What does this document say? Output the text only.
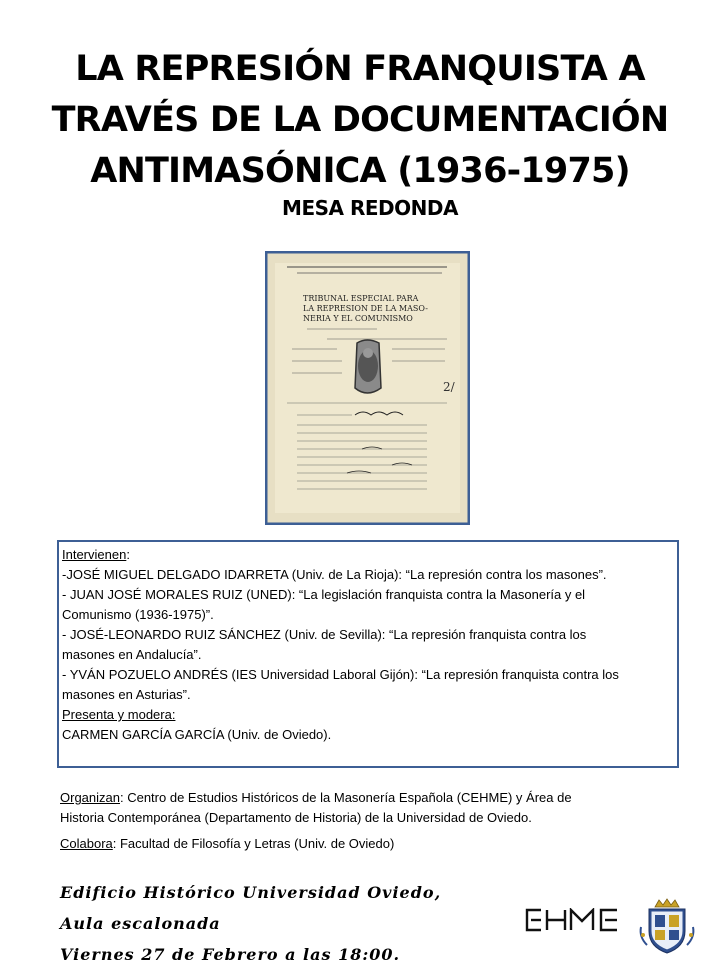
LA REPRESIÓN FRANQUISTA A
TRAVÉS DE LA DOCUMENTACIÓN
ANTIMASÓNICA (1936-1975)
MESA REDONDA
TRIBUNAL ESPECIAL PARA
LA REPRESION DE LA MASO-
NERIA Y EL COMUNISMO
2/

Intervienen:

-JOSÉ MIGUEL DELGADO IDARRETA (Univ. de La Rioja): “La represión contra los masones”.

- JUAN JOSÉ MORALES RUIZ (UNED): “La legislación franquista contra la Masonería y el
Comunismo (1936-1975)”.

- JOSÉ-LEONARDO RUIZ SÁNCHEZ (Univ. de Sevilla): “La represión franquista contra los
masones en Andalucía”.

- YVÁN POZUELO ANDRÉS (IES Universidad Laboral Gijón): “La represión franquista contra los
masones en Asturias”.

Presenta y modera:

CARMEN GARCÍA GARCÍA (Univ. de Oviedo).

Organizan: Centro de Estudios Históricos de la Masonería Española (CEHME) y Área de
Historia Contemporánea (Departamento de Historia) de la Universidad de Oviedo.

Colabora: Facultad de Filosofía y Letras (Univ. de Oviedo)

Edificio Histórico Universidad Oviedo,

Aula escalonada

Viernes 27 de Febrero a las 18:00.
